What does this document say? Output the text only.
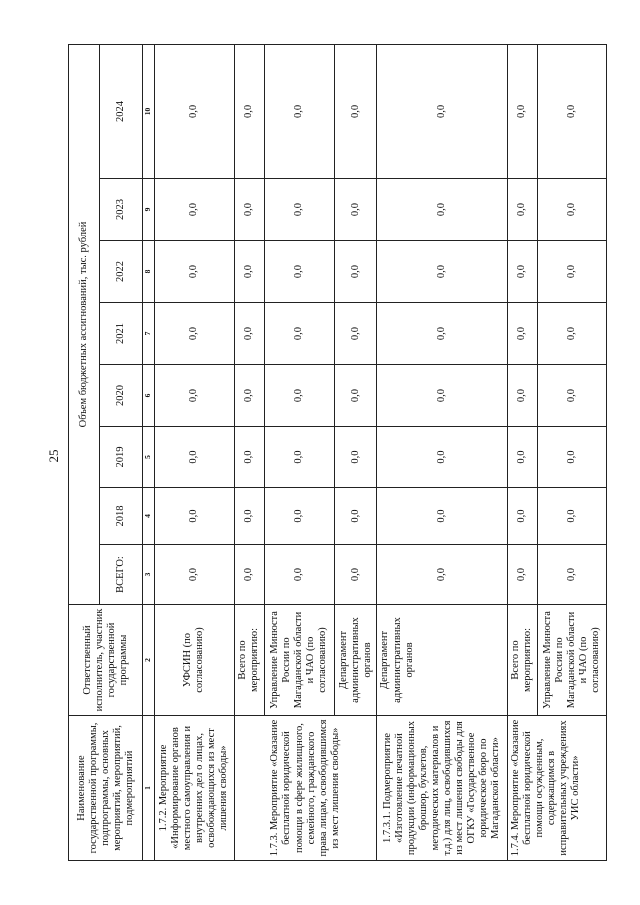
25
Наименование государственной программы, подпрограммы, основных мероприятий, мероприятий, подмероприятий	Ответственный исполнитель, участник государственной программы	Объем бюджетных ассигнований, тыс. рублей							
		ВСЕГО:	2018	2019	2020	2021	2022	2023	2024
1	2	3	4	5	6	7	8	9	10
1.7.2. Мероприятие «Информирование органов местного самоуправления и внутренних дел о лицах, освобождающихся из мест лишения свободы»	УФСИН (по согласованию)	0,0	0,0	0,0	0,0	0,0	0,0	0,0	0,0
1.7.3. Мероприятие «Оказание бесплатной юридической помощи в сфере жилищного, семейного, гражданского права лицам, освободившимся из мест лишения свободы»	Всего по мероприятию:	0,0	0,0	0,0	0,0	0,0	0,0	0,0	0,0
	Управление Минюста России по Магаданской области и ЧАО (по согласованию)	0,0	0,0	0,0	0,0	0,0	0,0	0,0	0,0
	Департамент административных органов	0,0	0,0	0,0	0,0	0,0	0,0	0,0	0,0
1.7.3.1. Подмероприятие «Изготовление печатной продукции (информационных брошюр, буклетов, методических материалов и т.д.) для лиц, освободившихся из мест лишения свободы для ОГКУ «Государственное юридическое бюро по Магаданской области»	Департамент административных органов	0,0	0,0	0,0	0,0	0,0	0,0	0,0	0,0
1.7.4. Мероприятие «Оказание бесплатной юридической помощи осужденным, содержащимся в исправительных учреждениях УИС области»	Всего по мероприятию:	0,0	0,0	0,0	0,0	0,0	0,0	0,0	0,0
	Управление Минюста России по Магаданской области и ЧАО (по согласованию)	0,0	0,0	0,0	0,0	0,0	0,0	0,0	0,0
